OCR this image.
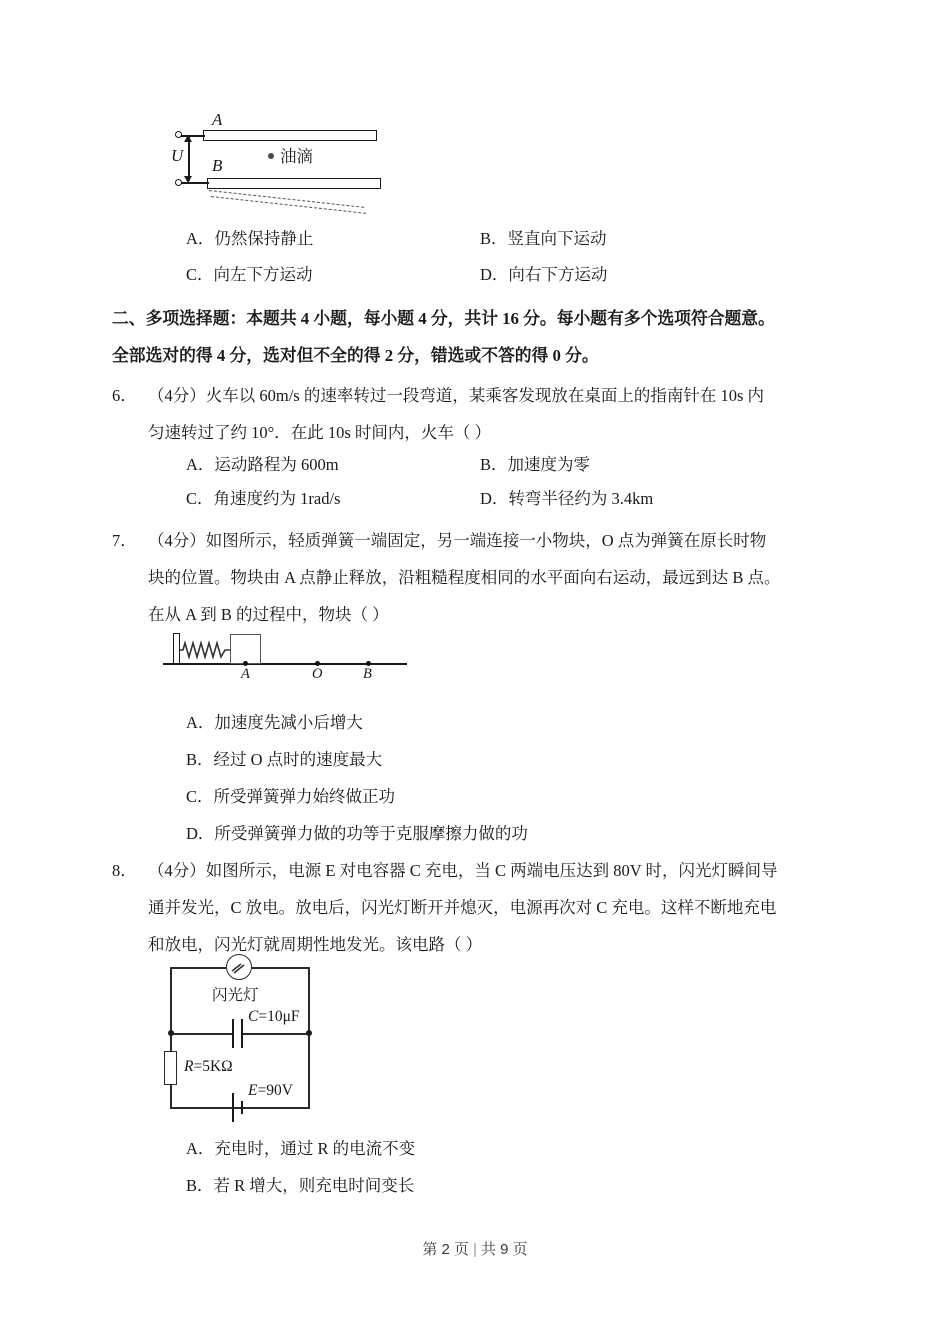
A
B
U	油滴
A．仍然保持静止	B．竖直向下运动
C．向左下方运动	D．向右下方运动
二、多项选择题：本题共 4 小题，每小题 4 分，共计 16 分。每小题有多个选项符合题意。
全部选对的得 4 分，选对但不全的得 2 分，错选或不答的得 0 分。
6． （4分）火车以 60m/s 的速率转过一段弯道，某乘客发现放在桌面上的指南针在 10s 内
匀速转过了约 10°．在此 10s 时间内，火车（ ）
A．运动路程为 600m	B．加速度为零
C．角速度约为 1rad/s	D．转弯半径约为 3.4km
7． （4分）如图所示，轻质弹簧一端固定，另一端连接一小物块，O 点为弹簧在原长时物
块的位置。物块由 A 点静止释放，沿粗糙程度相同的水平面向右运动，最远到达 B 点。
在从 A 到 B 的过程中，物块（ ）
A	O	B
A．加速度先减小后增大
B．经过 O 点时的速度最大
C．所受弹簧弹力始终做正功
D．所受弹簧弹力做的功等于克服摩擦力做的功
8． （4分）如图所示，电源 E 对电容器 C 充电，当 C 两端电压达到 80V 时，闪光灯瞬间导
通并发光，C 放电。放电后，闪光灯断开并熄灭，电源再次对 C 充电。这样不断地充电
和放电，闪光灯就周期性地发光。该电路（ ）
闪光灯
C=10μF
R=5KΩ
E=90V
A．充电时，通过 R 的电流不变
B．若 R 增大，则充电时间变长
第 2 页 | 共 9 页
